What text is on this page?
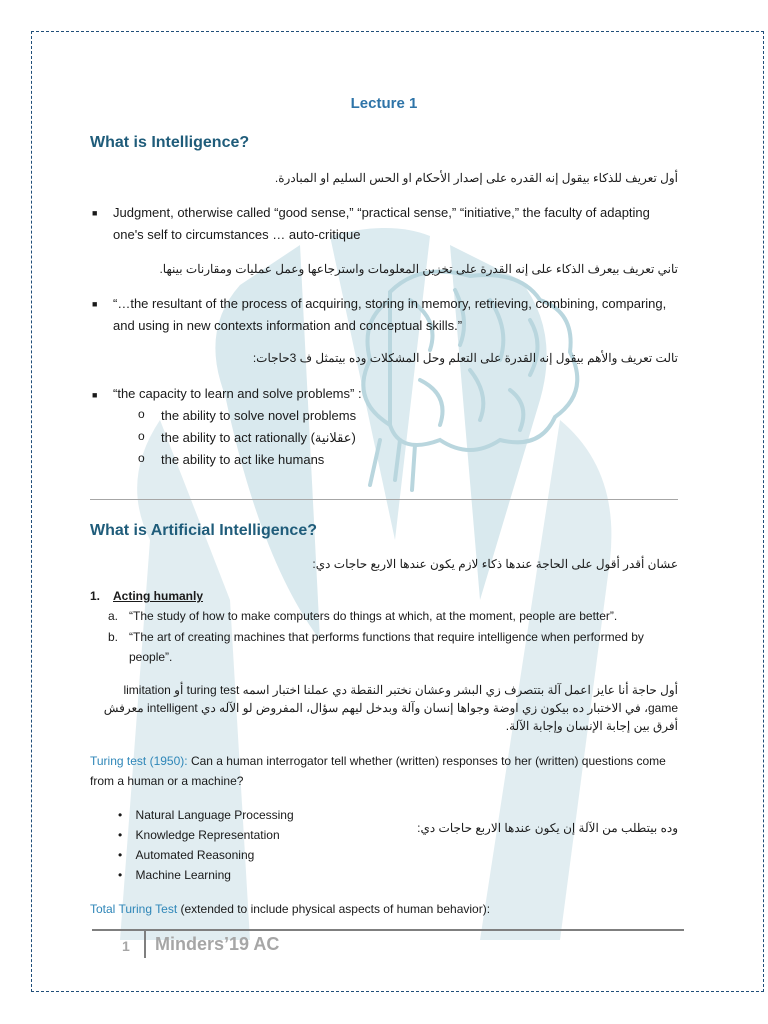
Lecture 1
What is Intelligence?
أول تعريف للذكاء بيقول إنه القدره على إصدار الأحكام او الحس السليم او المبادرة.
■ Judgment, otherwise called “good sense,” “practical sense,” “initiative,” the faculty of adapting one's self to circumstances … auto-critique
تاني تعريف بيعرف الذكاء على إنه القدرة على تخزين المعلومات واسترجاعها وعمل عمليات ومقارنات بينها.
■ “…the resultant of the process of acquiring, storing in memory, retrieving, combining, comparing, and using in new contexts information and conceptual skills.”
تالت تعريف والأهم بيقول إنه القدرة على التعلم وحل المشكلات وده بيتمثل ف 3حاجات:
■ “the capacity to learn and solve problems” :
o the ability to solve novel problems
o the ability to act rationally (عقلانية)
o the ability to act like humans
What is Artificial Intelligence?
عشان أقدر أقول على الحاجة عندها ذكاء لازم يكون عندها الاربع حاجات دي:
1. Acting humanly
a. “The study of how to make computers do things at which, at the moment, people are better”.
b. “The art of creating machines that performs functions that require intelligence when performed by people”.
أول حاجة أنا عايز اعمل آلة بتتصرف زي البشر وعشان نختبر النقطة دي عملنا اختبار اسمه turing test أو limitation game، في الاختبار ده بيكون زي اوضة وجواها إنسان وآلة وبدخل ليهم سؤال، المفروض لو الآله دي intelligent معرفش أفرق بين إجابة الإنسان وإجابة الآلة.
Turing test (1950): Can a human interrogator tell whether (written) responses to her (written) questions come from a human or a machine?
•    Natural Language Processing
•    Knowledge Representation
•    Automated Reasoning
•    Machine Learning
وده بيتطلب من الآلة إن يكون عندها الاربع حاجات دي:
Total Turing Test (extended to include physical aspects of human behavior):
1 Minders’19 AC
